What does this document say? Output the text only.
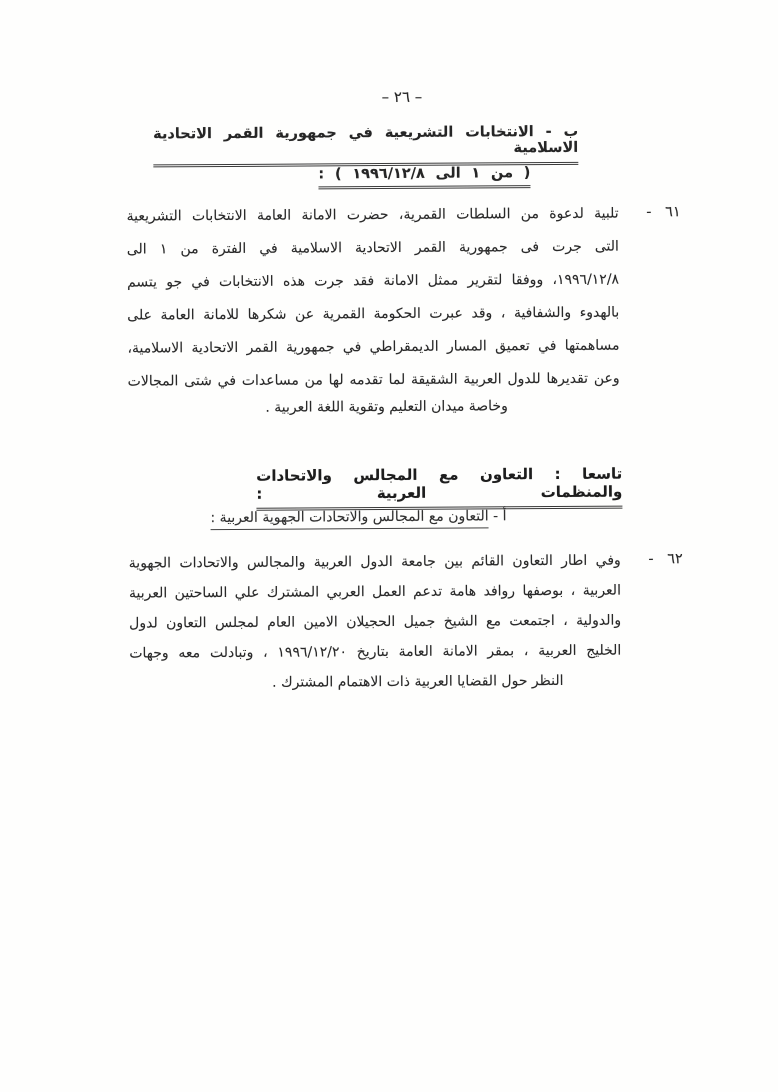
– ٢٦ –
ب - الانتخابات التشريعية في جمهورية القمر الاتحادية الاسلامية
( من ١ الى ١٩٩٦/١٢/٨ ) :
٦١ -
تلبية لدعوة من السلطات القمرية، حضرت الامانة العامة الانتخابات التشريعية
التى جرت فى جمهورية القمر الاتحادية الاسلامية في الفترة من ١ الى
١٩٩٦/١٢/٨، ووفقا لتقرير ممثل الامانة فقد جرت هذه الانتخابات في جو يتسم
بالهدوء والشفافية ، وقد عبرت الحكومة القمرية عن شكرها للامانة العامة على
مساهمتها في تعميق المسار الديمقراطي في جمهورية القمر الاتحادية الاسلامية،
وعن تقديرها للدول العربية الشقيقة لما تقدمه لها من مساعدات في شتى المجالات
وخاصة ميدان التعليم وتقوية اللغة العربية .
تاسعا : التعاون مع المجالس والاتحادات والمنظمات العربية :
أ - التعاون مع المجالس والاتحادات الجهوية العربية :
٦٢ -
وفي اطار التعاون القائم بين جامعة الدول العربية والمجالس والاتحادات الجهوية
العربية ، بوصفها روافد هامة تدعم العمل العربي المشترك علي الساحتين العربية
والدولية ، اجتمعت مع الشيخ جميل الحجيلان الامين العام لمجلس التعاون لدول
الخليج العربية ، بمقر الامانة العامة بتاريخ ١٩٩٦/١٢/٢٠ ، وتبادلت معه وجهات
النظر حول القضايا العربية ذات الاهتمام المشترك .
